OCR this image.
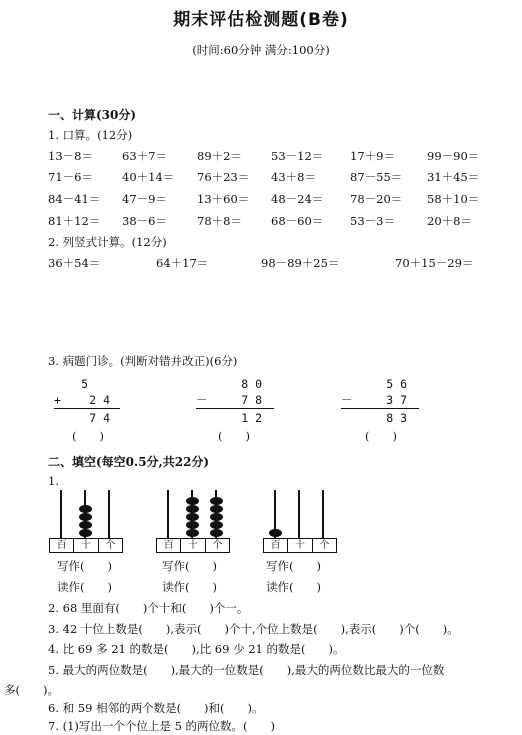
期末评估检测题(B卷)
(时间:60分钟 满分:100分)
一、计算(30分)
1. 口算。(12分)
13－8＝	63＋7＝	89＋2＝	53－12＝ 17＋9＝	99－90＝
71－6＝	40＋14＝ 76＋23＝ 43＋8＝	87－55＝ 31＋45＝
84－41＝ 47－9＝	13＋60＝ 48－24＝ 78－20＝ 58＋10＝
81＋12＝ 38－6＝	78＋8＝	68－60＝ 53－3＝	20＋8＝
2. 列竖式计算。(12分)
36＋54＝	64＋17＝	98－89＋25＝	70＋15－29＝
3. 病题门诊。(判断对错并改正)(6分)
5
+ 2 4
7 4
(　　)
8 0
－	7 8
1 2
(　　)
5 6
－	3 7
8 3
(　　)
二、填空(每空0.5分,共22分)
1.
百	十	个	百	十	个	百	十	个
写作(　　)	写作(　　)	写作(　　)
读作(　　)	读作(　　)	读作(　　)
2. 68 里面有(　　)个十和(　　)个一。
3. 42 十位上数是(　　),表示(　　)个十,个位上数是(　　),表示(　　)个(　　)。
4. 比 69 多 21 的数是(　　),比 69 少 21 的数是(　　)。
5. 最大的两位数是(　　),最大的一位数是(　　),最大的两位数比最大的一位数
多(　　)。
6. 和 59 相邻的两个数是(　　)和(　　)。
7. (1)写出一个个位上是 5 的两位数。(　　)
